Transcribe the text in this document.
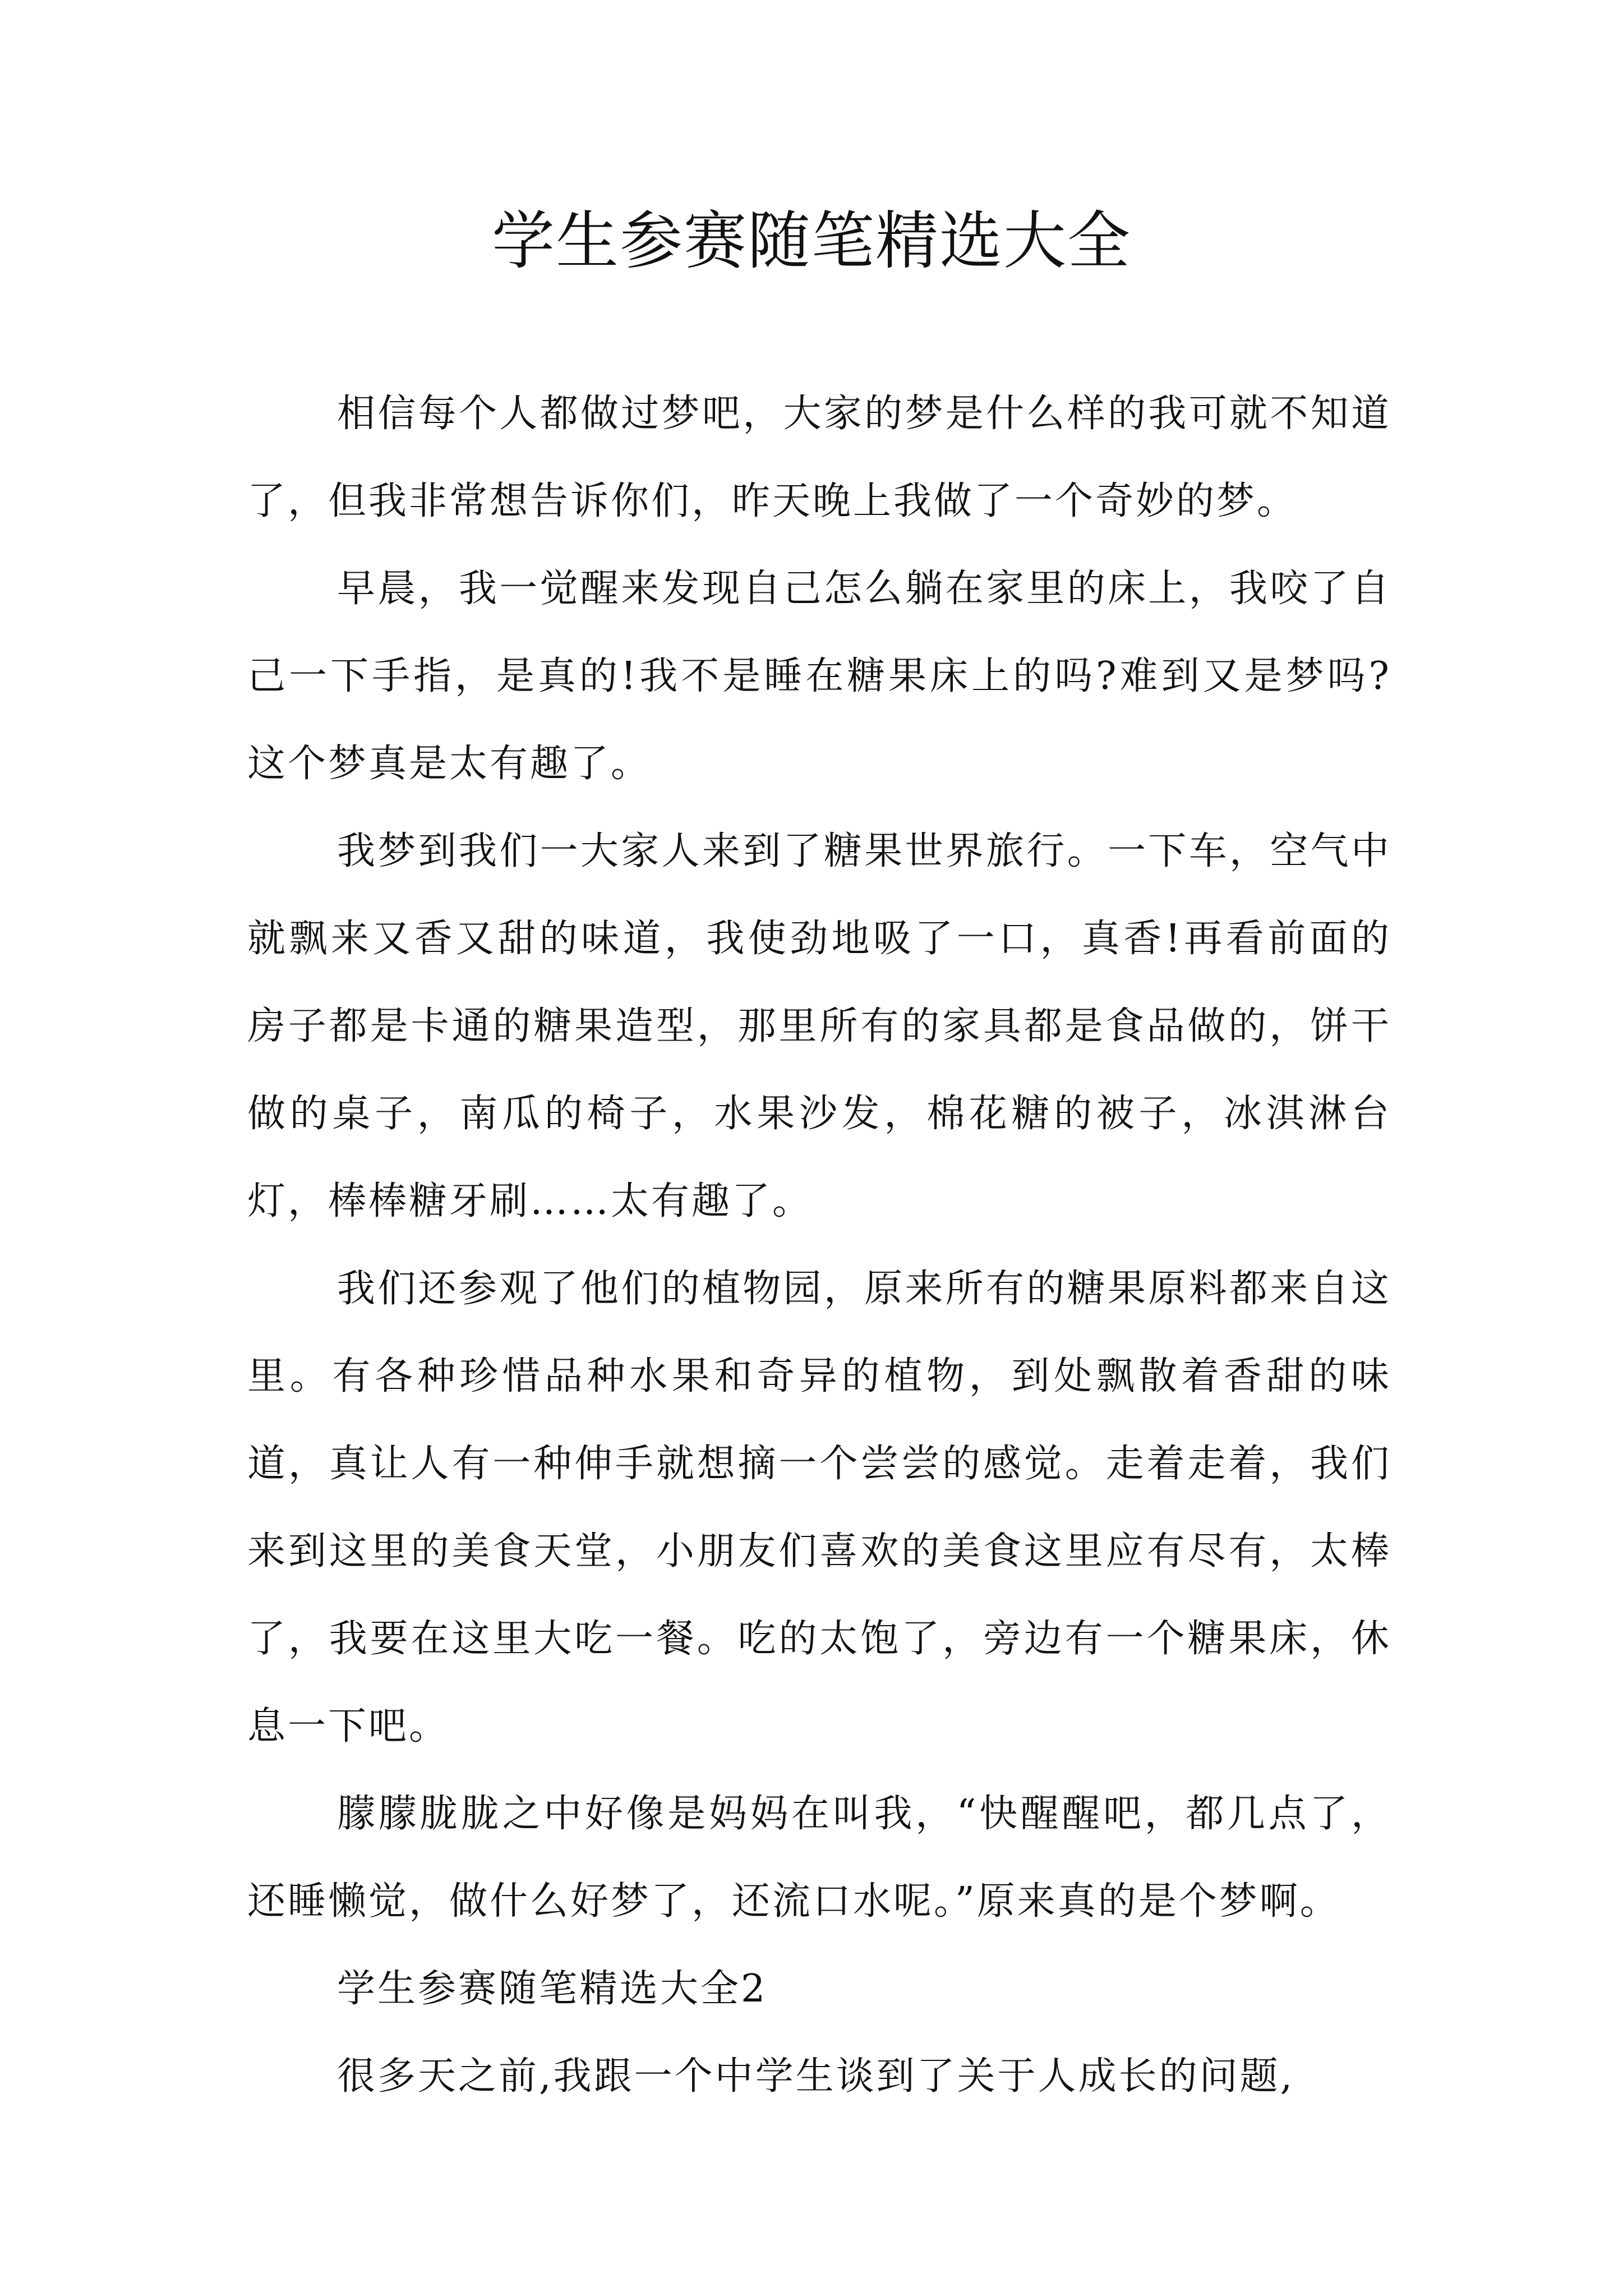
学生参赛随笔精选大全

相信每个人都做过梦吧，大家的梦是什么样的我可就不知道了，但我非常想告诉你们，昨天晚上我做了一个奇妙的梦。

早晨，我一觉醒来发现自己怎么躺在家里的床上，我咬了自己一下手指，是真的!我不是睡在糖果床上的吗?难到又是梦吗?这个梦真是太有趣了。

我梦到我们一大家人来到了糖果世界旅行。一下车，空气中就飘来又香又甜的味道，我使劲地吸了一口，真香!再看前面的房子都是卡通的糖果造型，那里所有的家具都是食品做的，饼干做的桌子，南瓜的椅子，水果沙发，棉花糖的被子，冰淇淋台灯，棒棒糖牙刷……太有趣了。

我们还参观了他们的植物园，原来所有的糖果原料都来自这里。有各种珍惜品种水果和奇异的植物，到处飘散着香甜的味道，真让人有一种伸手就想摘一个尝尝的感觉。走着走着，我们来到这里的美食天堂，小朋友们喜欢的美食这里应有尽有，太棒了，我要在这里大吃一餐。吃的太饱了，旁边有一个糖果床，休息一下吧。

朦朦胧胧之中好像是妈妈在叫我，“快醒醒吧，都几点了，还睡懒觉，做什么好梦了，还流口水呢。”原来真的是个梦啊。

学生参赛随笔精选大全2

很多天之前,我跟一个中学生谈到了关于人成长的问题,
